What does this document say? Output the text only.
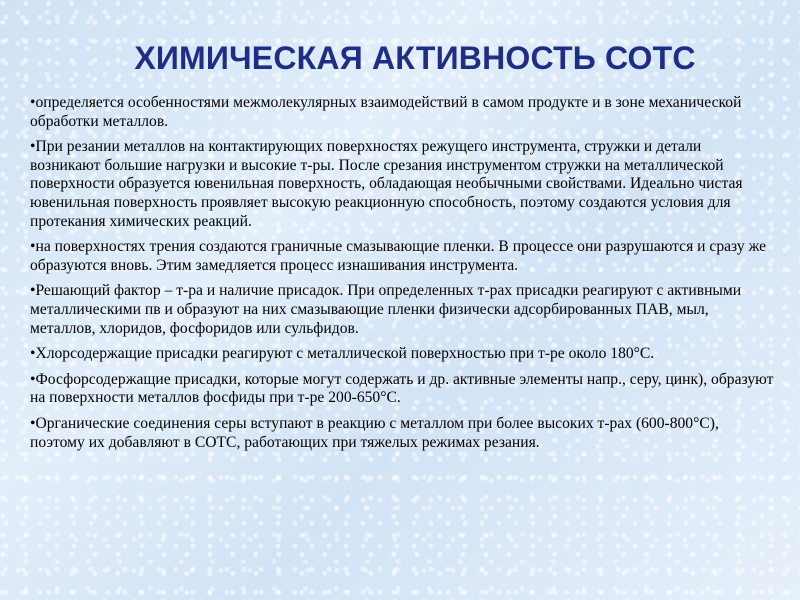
ХИМИЧЕСКАЯ АКТИВНОСТЬ СОТС
•определяется особенностями межмолекулярных взаимодействий в самом продукте и в зоне механической обработки металлов.
•При резании металлов на контактирующих поверхностях режущего инструмента, стружки и детали возникают большие нагрузки и высокие т-ры. После срезания инструментом стружки на металлической поверхности образуется ювенильная поверхность, обладающая необычными свойствами. Идеально чистая ювенильная поверхность проявляет высокую реакционную способность, поэтому создаются условия для протекания химических реакций.
•на поверхностях трения создаются граничные смазывающие пленки. В процессе они разрушаются и сразу же образуются вновь. Этим замедляется процесс изнашивания инструмента.
•Решающий фактор – т-ра и наличие присадок. При определенных т-рах присадки реагируют с активными металлическими пв и образуют на них смазывающие пленки физически адсорбированных ПАВ, мыл, металлов, хлоридов, фосфоридов или сульфидов.
•Хлорсодержащие присадки реагируют с металлической поверхностью при т-ре около 180°С.
•Фосфорсодержащие присадки, которые могут содержать и др. активные элементы напр., серу, цинк), образуют на поверхности металлов фосфиды при т-ре 200-650°С.
•Органические соединения серы вступают в реакцию с металлом при более высоких т-рах (600-800°С), поэтому их добавляют в СОТС, работающих при тяжелых режимах резания.
